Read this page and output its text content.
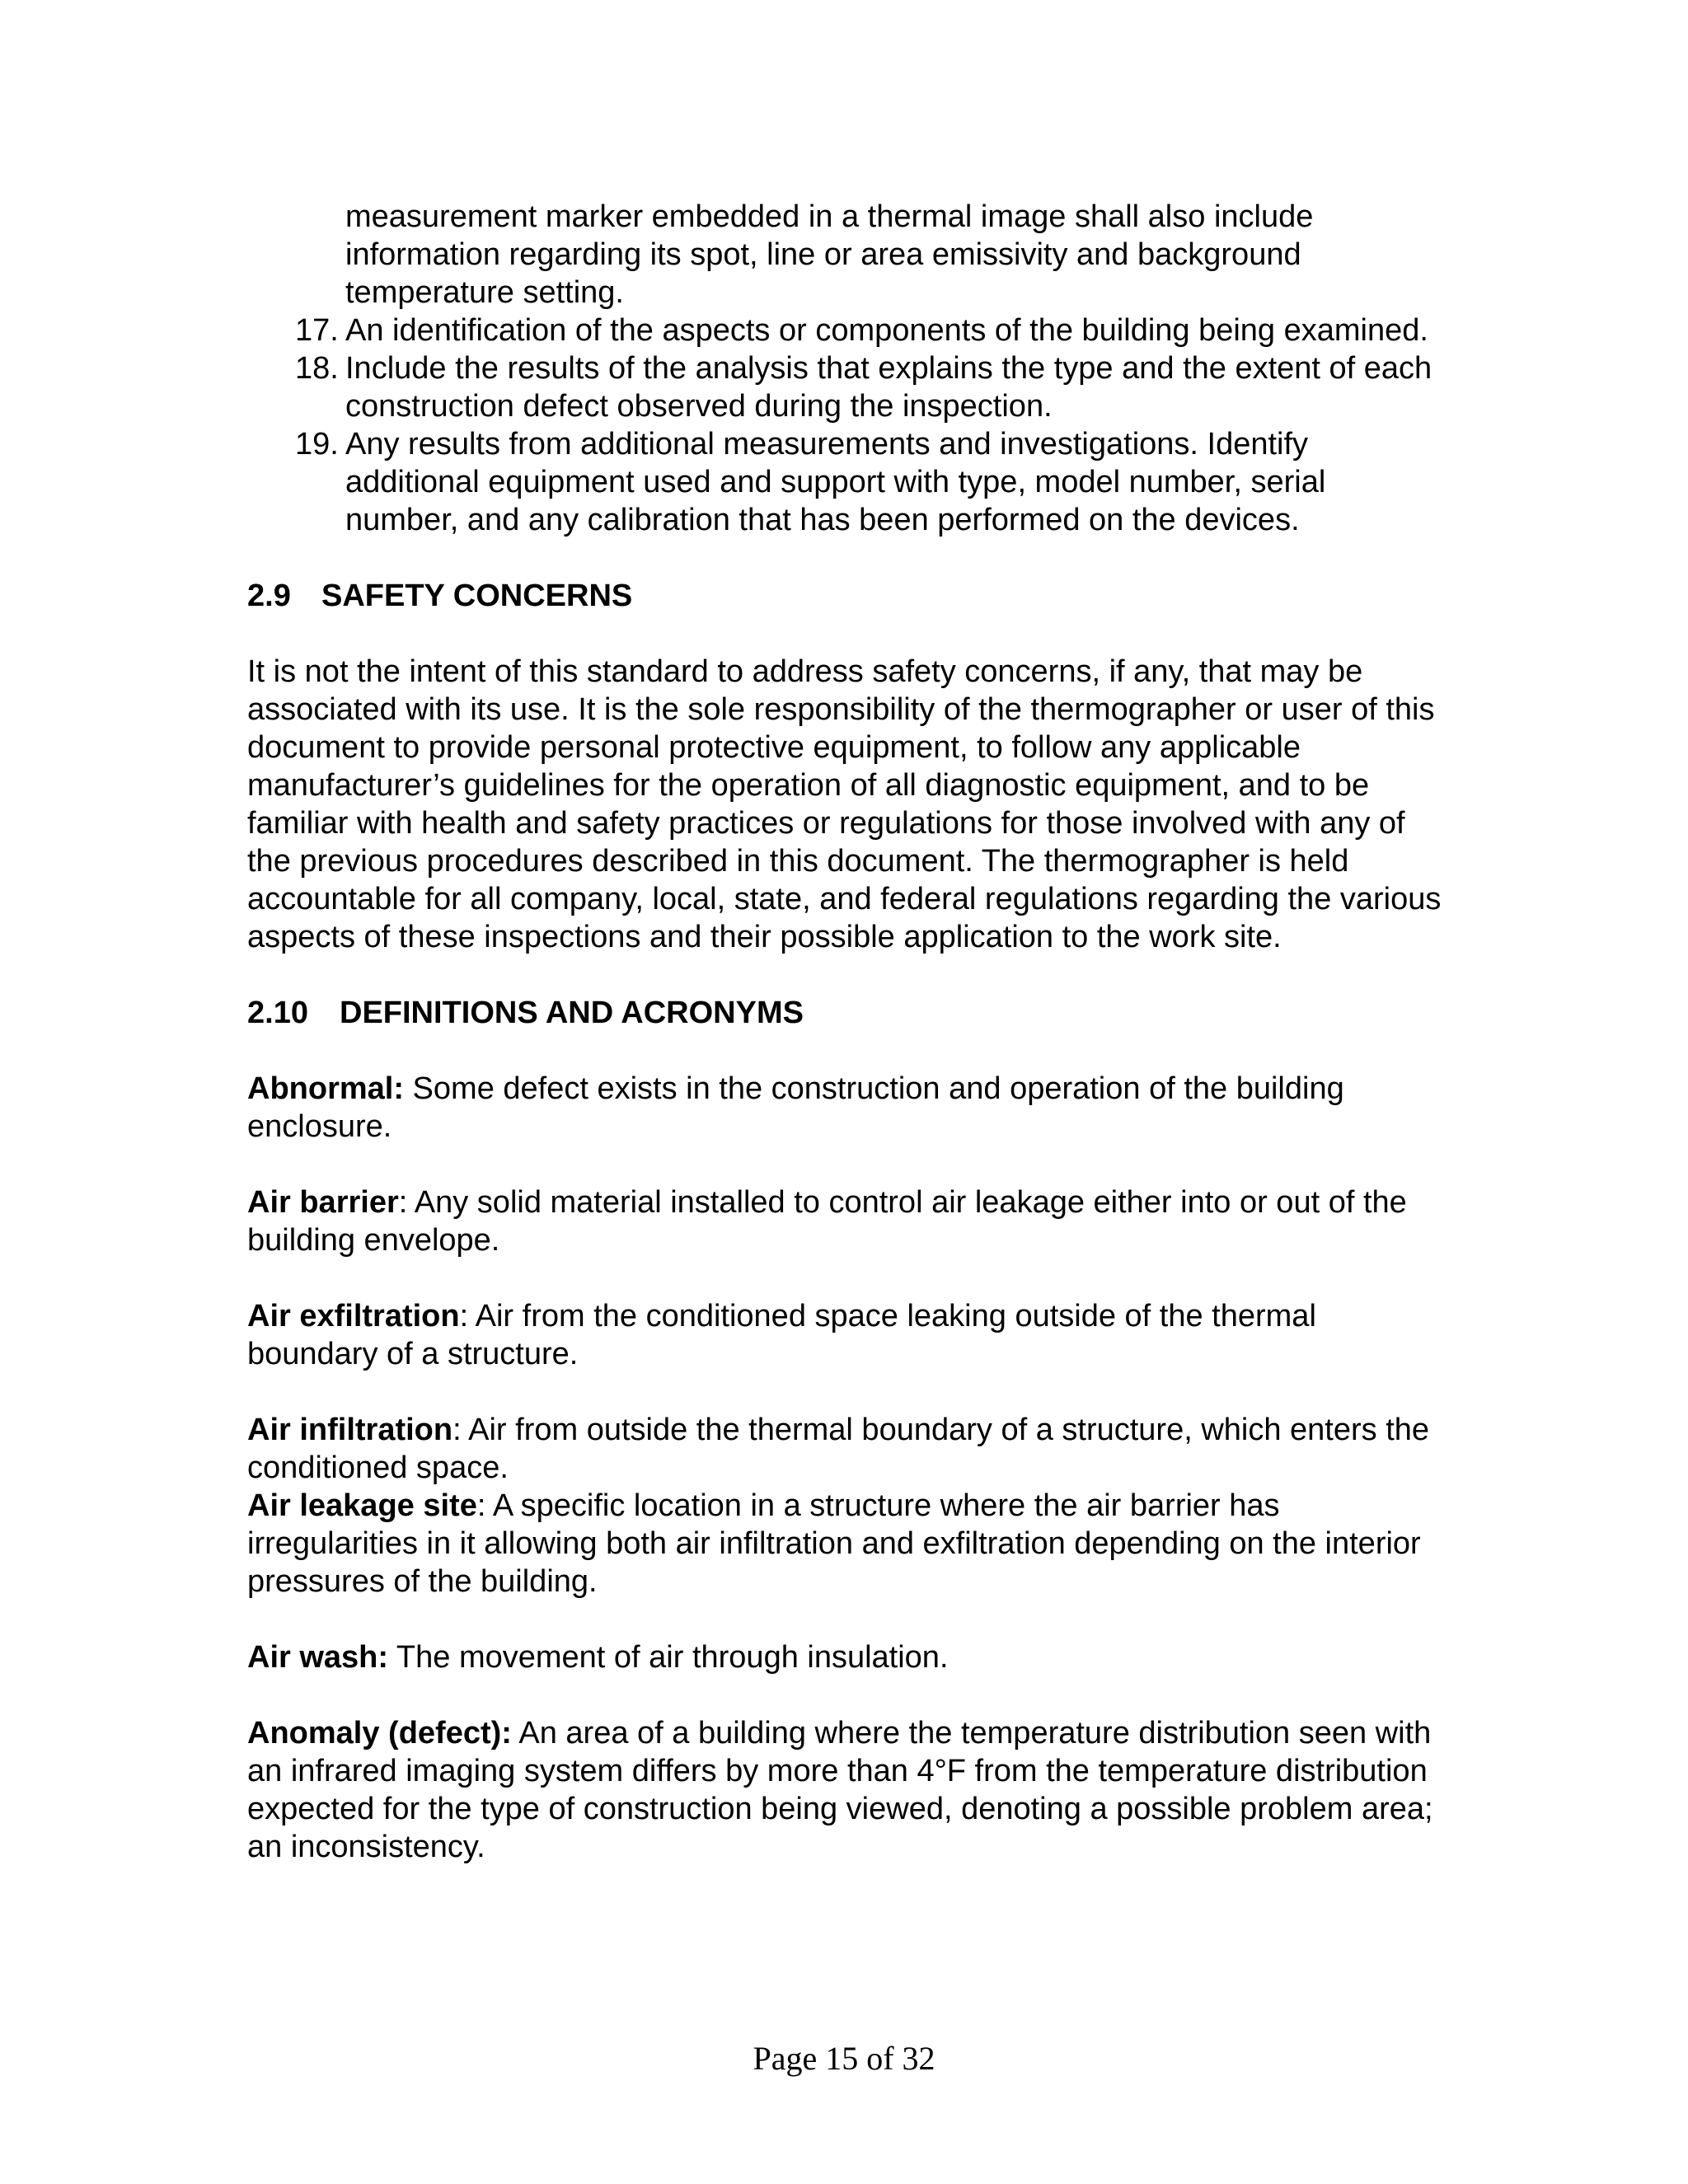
measurement marker embedded in a thermal image shall also include information regarding its spot, line or area emissivity and background temperature setting.

17. An identification of the aspects or components of the building being examined.
18. Include the results of the analysis that explains the type and the extent of each construction defect observed during the inspection.
19. Any results from additional measurements and investigations. Identify additional equipment used and support with type, model number, serial number, and any calibration that has been performed on the devices.
2.9 SAFETY CONCERNS

It is not the intent of this standard to address safety concerns, if any, that may be associated with its use. It is the sole responsibility of the thermographer or user of this document to provide personal protective equipment, to follow any applicable manufacturer’s guidelines for the operation of all diagnostic equipment, and to be familiar with health and safety practices or regulations for those involved with any of the previous procedures described in this document. The thermographer is held accountable for all company, local, state, and federal regulations regarding the various aspects of these inspections and their possible application to the work site.

2.10 DEFINITIONS AND ACRONYMS

Abnormal: Some defect exists in the construction and operation of the building enclosure.

Air barrier: Any solid material installed to control air leakage either into or out of the building envelope.

Air exfiltration: Air from the conditioned space leaking outside of the thermal boundary of a structure.

Air infiltration: Air from outside the thermal boundary of a structure, which enters the conditioned space.

Air leakage site: A specific location in a structure where the air barrier has irregularities in it allowing both air infiltration and exfiltration depending on the interior pressures of the building.

Air wash: The movement of air through insulation.

Anomaly (defect): An area of a building where the temperature distribution seen with an infrared imaging system differs by more than 4°F from the temperature distribution expected for the type of construction being viewed, denoting a possible problem area; an inconsistency.

Page 15 of 32
